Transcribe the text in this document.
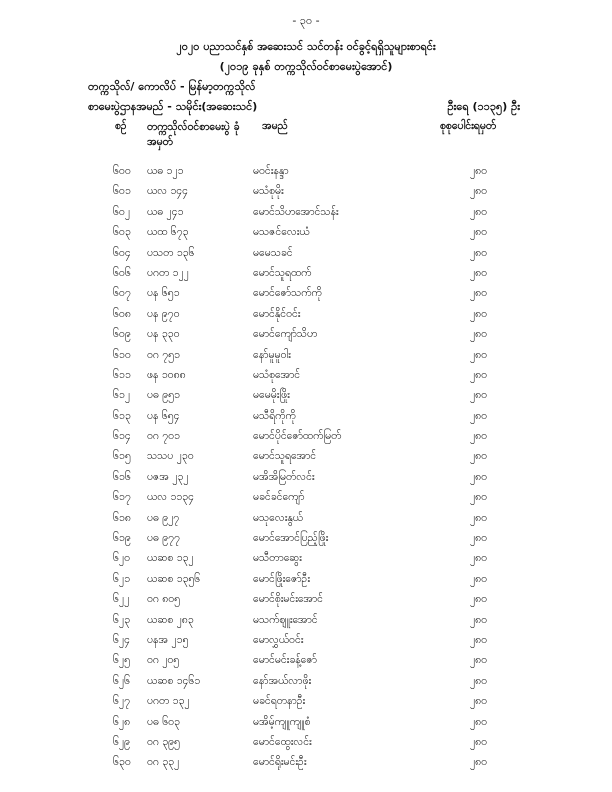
- ၃၀ -
၂၀၂၀ ပညာသင်နှစ် အဆေးသင် သင်တန်း ဝင်ခွင့်ရရှိသူများစာရင်း
(၂၀၁၉ ခုနှစ် တက္ကသိုလ်ဝင်စာမေးပွဲအောင်)
တက္ကသိုလ်/ ကောလိပ် - မြန်မာ့တက္ကသိုလ်
စာမေးပွဲဌာနအမည် - သမိုင်း(အဆေးသင်)	ဦးရေ (၁၁၃၅) ဦး
စဉ် တက္ကသိုလ်ဝင်စာမေးပွဲ ခုံအမှတ်
အမည်	စုစုပေါင်းရမှတ်
၆၀၀ ယဓ ၁၂၁	မဝင်းနန္ဒာ	၂၈၀
၆၀၁ ယလ ၁၄၄	မသံစုမိုး	၂၈၀
၆၀၂ ယဓ ၂၄၁	မောင်သိဟအောင်သန်း	၂၈၀
၆၀၃ ယထ ၆၇၃	မသဇင်လေးယံ	၂၈၀
၆၀၄ ပသတ ၁၃၆	မမေသခင်	၂၈၀
၆၀၆ ပဂတ ၁၂၂	မောင်သူရထက်	၂၈၀
၆၀၇ ပန ၆၅၁	မောင်ဇော်သက်ကို	၂၈၀
၆၀၈ ပန ၉၇၀	မောင်နိုင်ဝင်း	၂၈၀
၆၀၉ ပန ၃၃၀	မောင်ကျော်သိဟ	၂၈၀
၆၁၀ ဝဂ ၇၅၁	နော်မူမူဝါး	၂၈၀
၆၁၁ ဖန ၁၀၈၈	မသံစုအောင်	၂၈၀
၆၁၂ ပဓ ၉၅၁	မမေမိုးဖြိုး	၂၈၀
၆၁၃ ပန ၆၅၄	မသီရိကိုကို	၂၈၀
၆၁၄ ဝဂ ၇၀၁	မောင်ပိုင်ဇော်ထက်မြတ်	၂၈၀
၆၁၅ သသပ ၂၃၀	မောင်သူရအောင်	၂၈၀
၆၁၆ ပဇအ ၂၃၂	မအိအိမြတ်လင်း	၂၈၀
၆၁၇ ယလ ၁၁၃၄	မခင်ခင်ကျော်	၂၈၀
၆၁၈ ပဓ ၉၂၇	မသုလေးနွယ်	၂၈၀
၆၁၉ ပဓ ၉၇၇	မောင်အောင်ပြည့်ဖြိုး	၂၈၀
၆၂၀ ယဆစ ၁၃၂	မသီတာဆွေး	၂၈၀
၆၂၁ ယဆစ ၁၃၅၆	မောင်ဖြိုးဇော်ဦး	၂၈၀
၆၂၂ ဝဂ ၈၀၅	မောင်စိုးမင်းအောင်	၂၈၀
၆၂၃ ယဆစ ၂၈၃	မသက်ဈူးအောင်	၂၈၀
၆၂၄ ပနအ ၂၁၅	မောလွှယ်ဝင်း	၂၈၀
၆၂၅ ဝဂ ၂၀၅	မောင်မင်းခန့်ဇော်	၂၈၀
၆၂၆ ယဆစ ၁၄၆၁	နော်အယ်လာဖိုး	၂၈၀
၆၂၇ ပဂတ ၁၃၂	မခင်ရတနာဦး	၂၈၀
၆၂၈ ပဓ ၆၀၃	မအိမ့်ကျူကျူစံ	၂၈၀
၆၂၉ ဝဂ ၃၉၅	မောင်ထွေးလင်း	၂၈၀
၆၃၀ ဝဂ ၃၃၂	မောင်ရိုးမင်းဦး	၂၈၀
